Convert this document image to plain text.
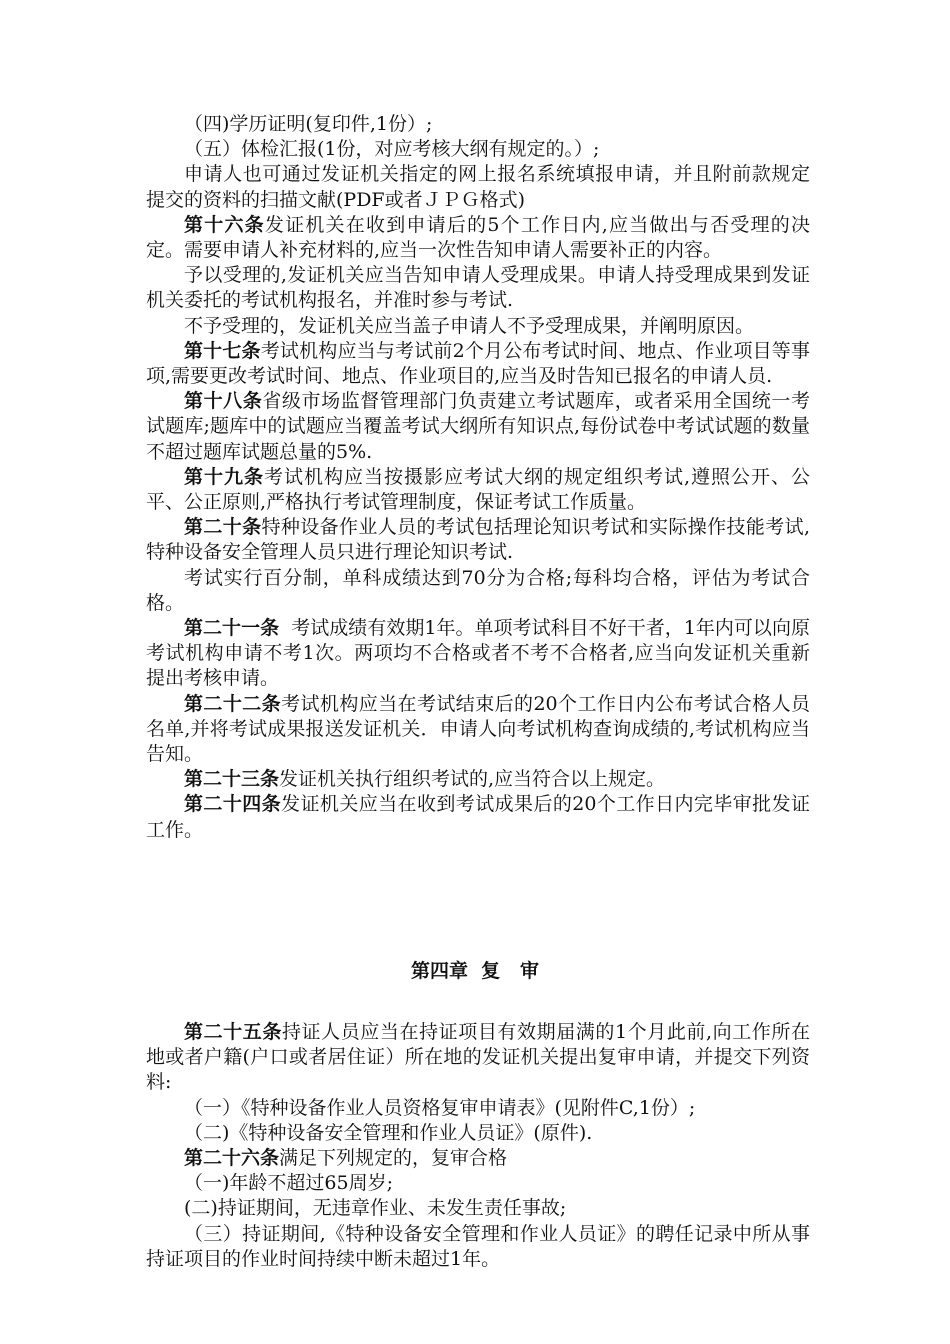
（四)学历证明(复印件,1份）;

（五）体检汇报(1份，对应考核大纲有规定的。）;

申请人也可通过发证机关指定的网上报名系统填报申请，并且附前款规定提交的资料的扫描文献(PDF或者ＪＰＧ格式)

第十六条发证机关在收到申请后的5个工作日内,应当做出与否受理的决定。需要申请人补充材料的,应当一次性告知申请人需要补正的内容。

予以受理的,发证机关应当告知申请人受理成果。申请人持受理成果到发证机关委托的考试机构报名，并准时参与考试.

不予受理的，发证机关应当盖子申请人不予受理成果，并阐明原因。

第十七条考试机构应当与考试前2个月公布考试时间、地点、作业项目等事项,需要更改考试时间、地点、作业项目的,应当及时告知已报名的申请人员.

第十八条省级市场监督管理部门负责建立考试题库，或者采用全国统一考试题库;题库中的试题应当覆盖考试大纲所有知识点,每份试卷中考试试题的数量不超过题库试题总量的5%.

第十九条考试机构应当按摄影应考试大纲的规定组织考试,遵照公开、公平、公正原则,严格执行考试管理制度，保证考试工作质量。

第二十条特种设备作业人员的考试包括理论知识考试和实际操作技能考试,特种设备安全管理人员只进行理论知识考试.

考试实行百分制，单科成绩达到70分为合格;每科均合格，评估为考试合格。

第二十一条  考试成绩有效期1年。单项考试科目不好干者，1年内可以向原考试机构申请不考1次。两项均不合格或者不考不合格者,应当向发证机关重新提出考核申请。

第二十二条考试机构应当在考试结束后的20个工作日内公布考试合格人员名单,并将考试成果报送发证机关．申请人向考试机构查询成绩的,考试机构应当告知。

第二十三条发证机关执行组织考试的,应当符合以上规定。

第二十四条发证机关应当在收到考试成果后的20个工作日内完毕审批发证工作。

第四章  复   审

第二十五条持证人员应当在持证项目有效期届满的1个月此前,向工作所在地或者户籍(户口或者居住证）所在地的发证机关提出复审申请，并提交下列资料:

（一）《特种设备作业人员资格复审申请表》(见附件C,1份）;

（二)《特种设备安全管理和作业人员证》(原件).

第二十六条满足下列规定的，复审合格

（一)年龄不超过65周岁;

(二)持证期间，无违章作业、未发生责任事故;

（三）持证期间,《特种设备安全管理和作业人员证》的聘任记录中所从事持证项目的作业时间持续中断未超过1年。
